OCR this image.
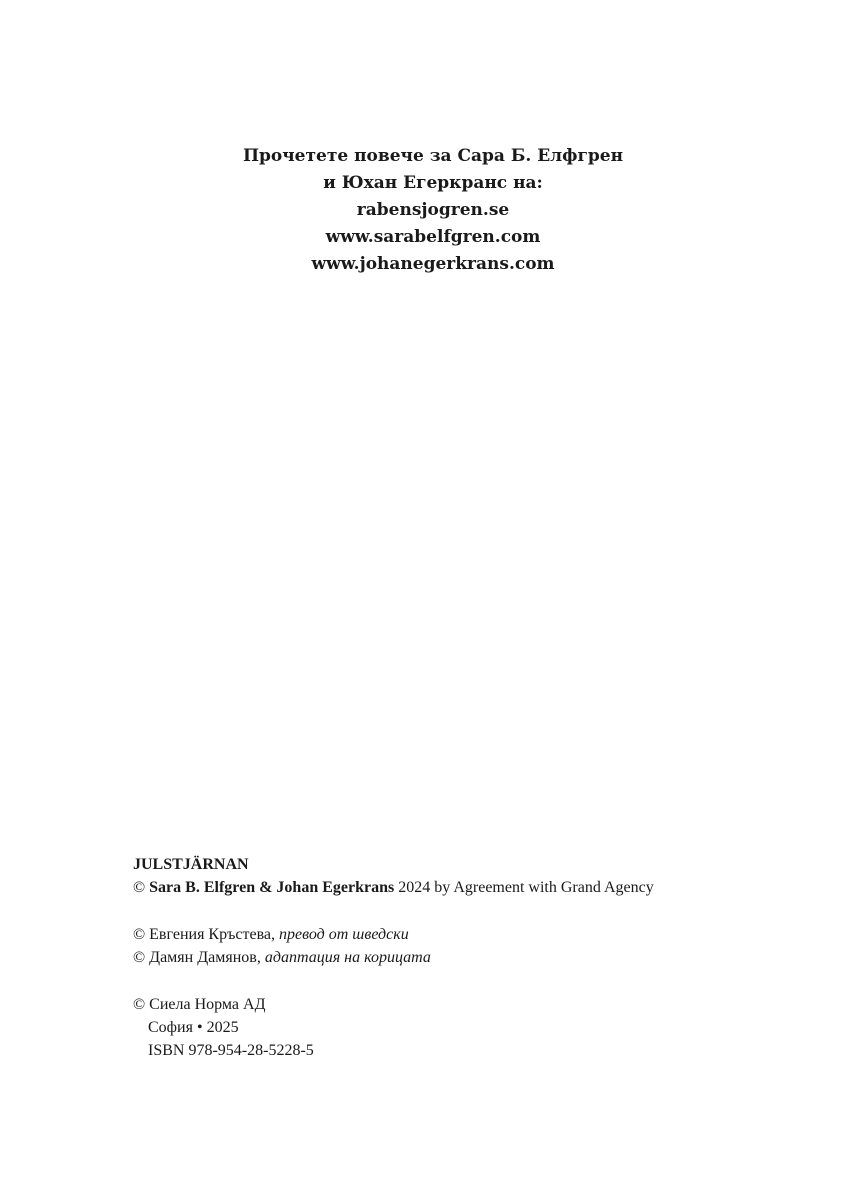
Прочетете повече за Сара Б. Елфгрен
и Юхан Егеркранс на:
rabensjogren.se
www.sarabelfgren.com
www.johanegerkrans.com
JULSTJÄRNAN
© Sara B. Elfgren & Johan Egerkrans 2024 by Agreement with Grand Agency
© Евгения Кръстева, превод от шведски
© Дамян Дамянов, адаптация на корицата
© Сиела Норма АД
София • 2025
ISBN 978-954-28-5228-5
